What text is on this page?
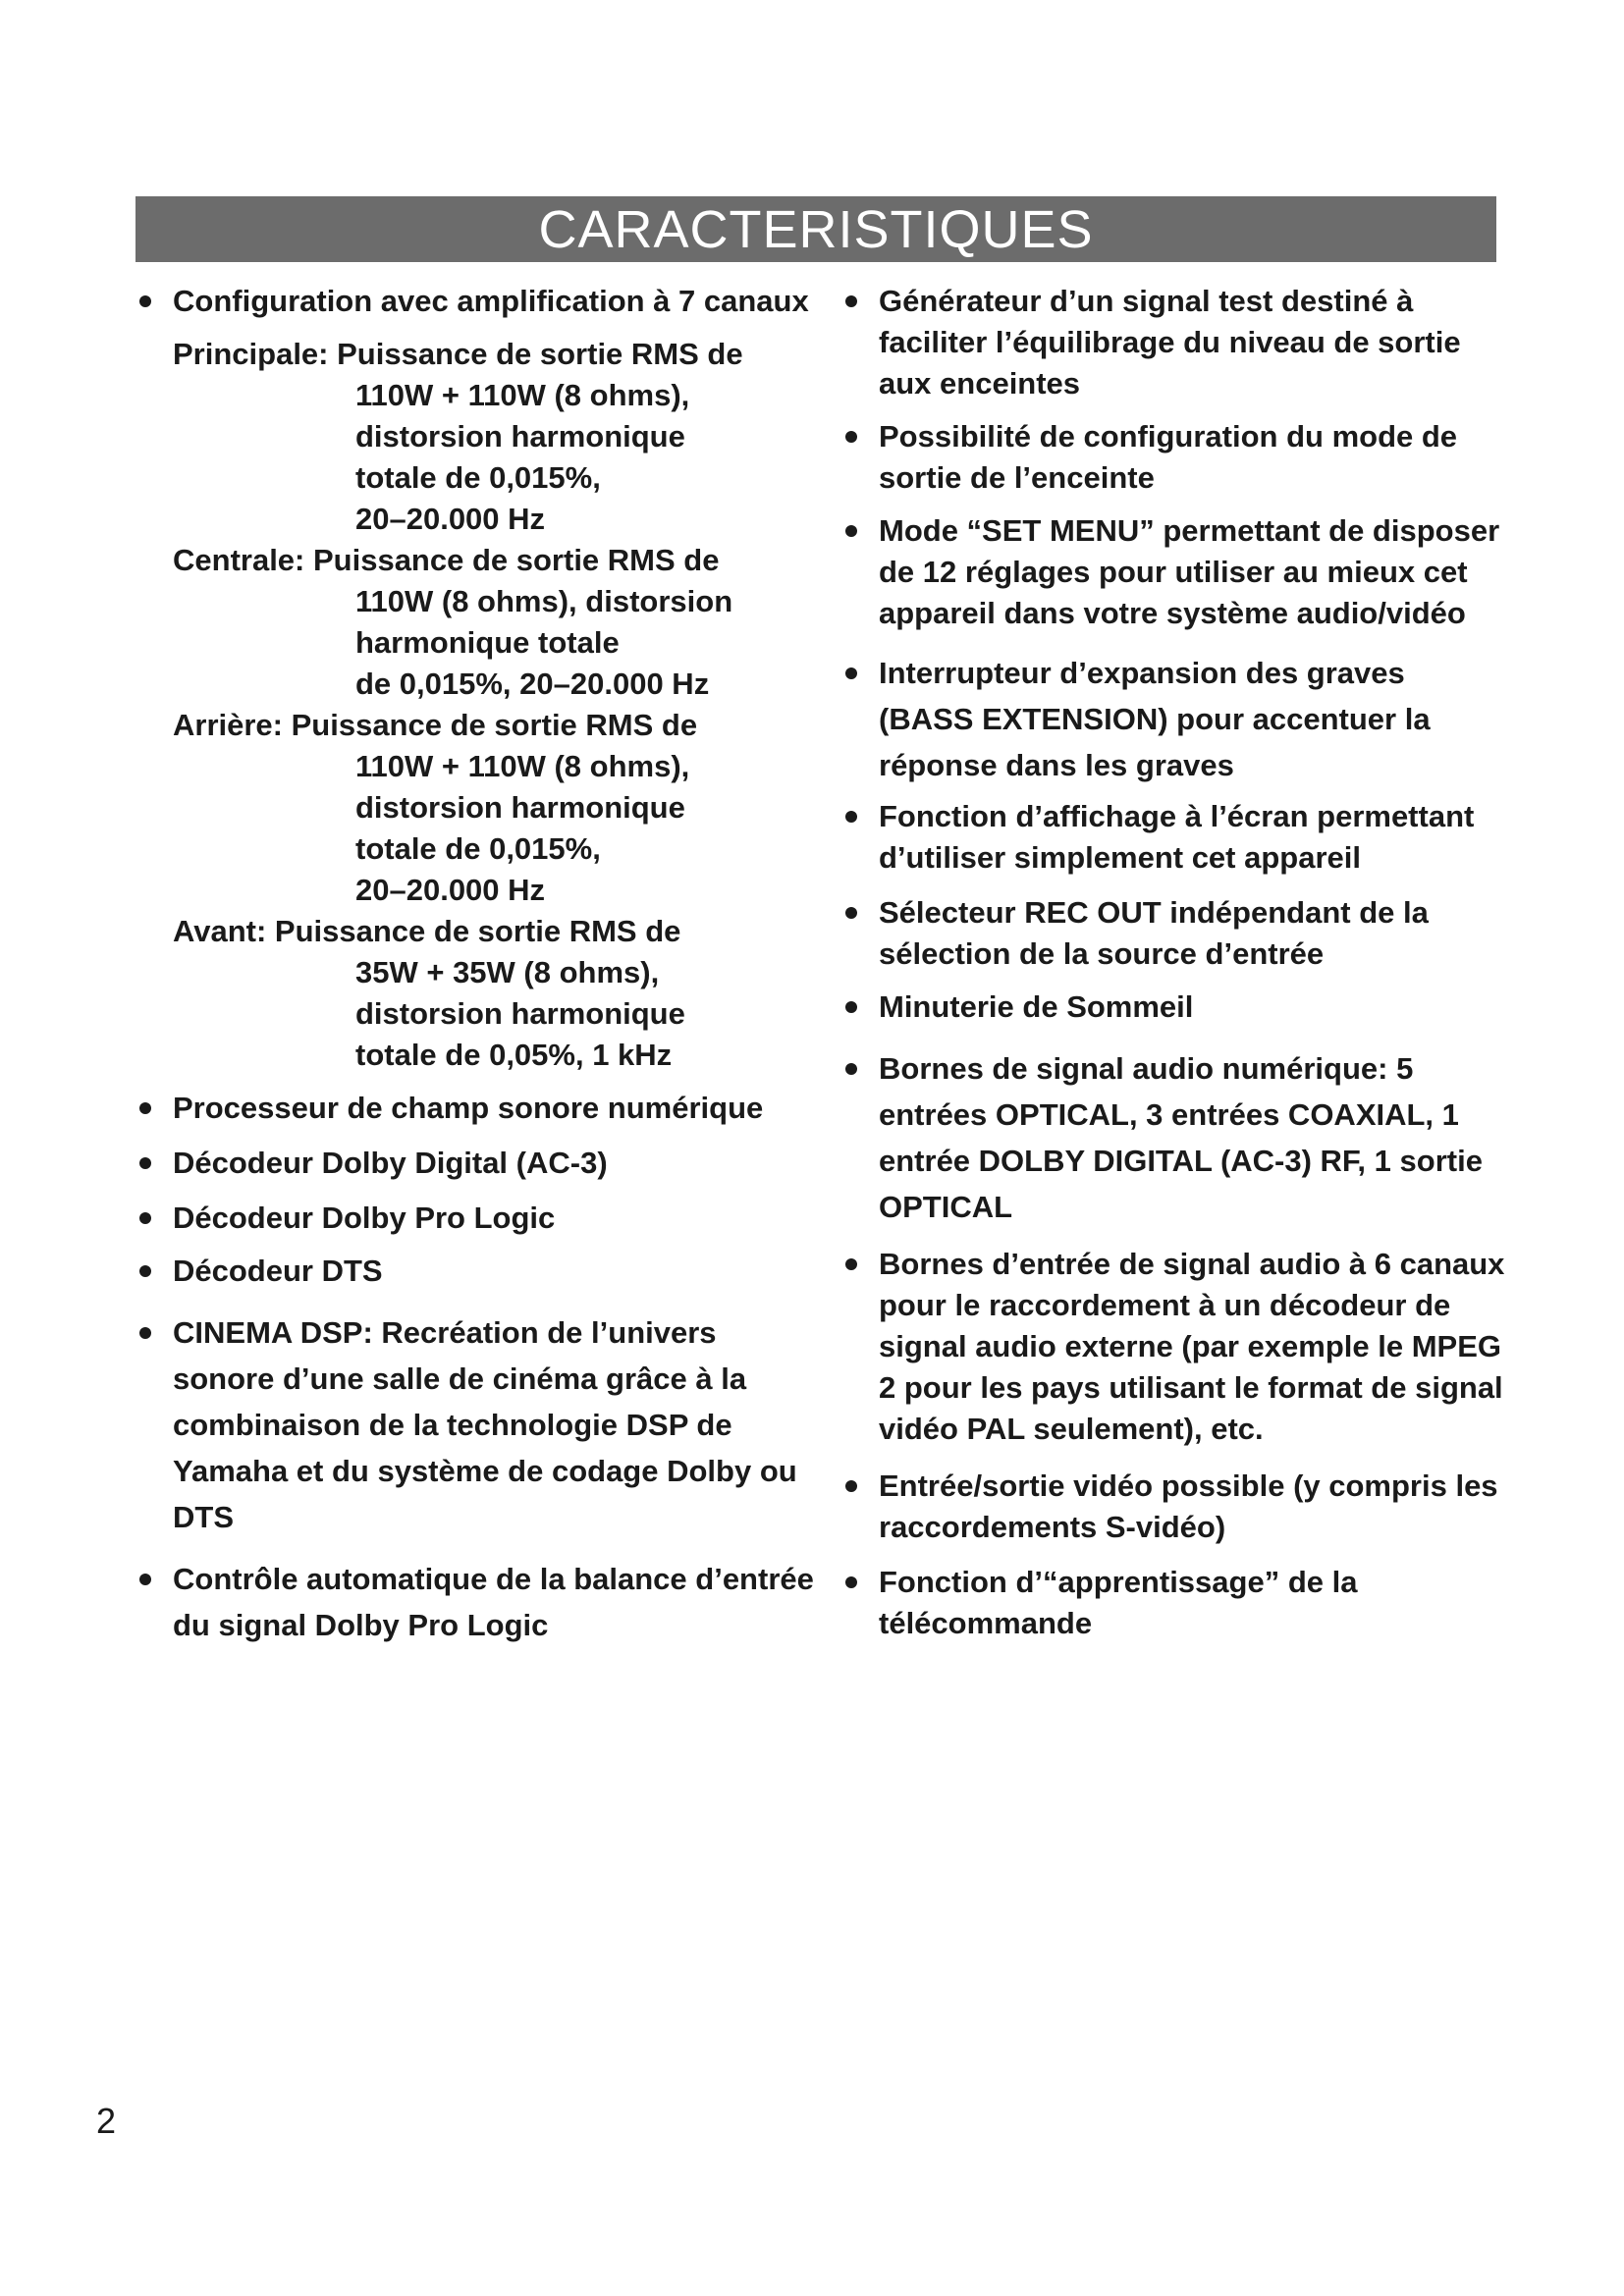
CARACTERISTIQUES
Configuration avec amplification à 7 canaux
Principale: Puissance de sortie RMS de
110W + 110W (8 ohms),
distorsion harmonique
totale de 0,015%,
20–20.000 Hz
Centrale: Puissance de sortie RMS de
110W (8 ohms), distorsion
harmonique totale
de 0,015%, 20–20.000 Hz
Arrière: Puissance de sortie RMS de
110W + 110W (8 ohms),
distorsion harmonique
totale de 0,015%,
20–20.000 Hz
Avant: Puissance de sortie RMS de
35W + 35W (8 ohms),
distorsion harmonique
totale de 0,05%, 1 kHz
Processeur de champ sonore numérique
Décodeur Dolby Digital (AC-3)
Décodeur Dolby Pro Logic
Décodeur DTS
CINEMA DSP: Recréation de l’univers sonore d’une salle de cinéma grâce à la combinaison de la technologie DSP de Yamaha et du système de codage Dolby ou DTS
Contrôle automatique de la balance d’entrée du signal Dolby Pro Logic
Générateur d’un signal test destiné à faciliter l’équilibrage du niveau de sortie aux enceintes
Possibilité de configuration du mode de sortie de l’enceinte
Mode “SET MENU” permettant de disposer de 12 réglages pour utiliser au mieux cet appareil dans votre système audio/vidéo
Interrupteur d’expansion des graves (BASS EXTENSION) pour accentuer la réponse dans les graves
Fonction d’affichage à l’écran permettant d’utiliser simplement cet appareil
Sélecteur REC OUT indépendant de la sélection de la source d’entrée
Minuterie de Sommeil
Bornes de signal audio numérique: 5 entrées OPTICAL, 3 entrées COAXIAL, 1 entrée DOLBY DIGITAL (AC-3) RF, 1 sortie OPTICAL
Bornes d’entrée de signal audio à 6 canaux pour le raccordement à un décodeur de signal audio externe (par exemple le MPEG 2 pour les pays utilisant le format de signal vidéo PAL seulement), etc.
Entrée/sortie vidéo possible (y compris les raccordements S-vidéo)
Fonction d’“apprentissage” de la télécommande
2
